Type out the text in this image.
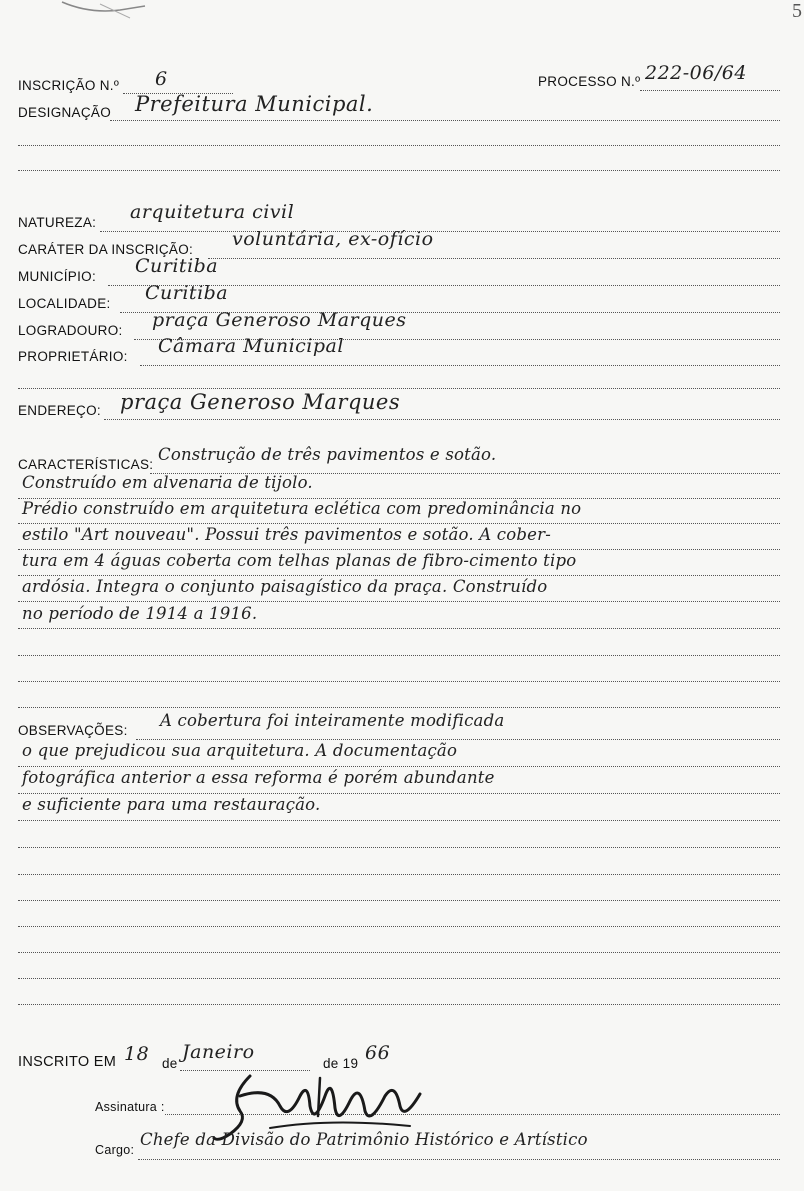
5
INSCRIÇÃO N.º 6	PROCESSO N.º 222-06/64
DESIGNAÇÃO Prefeitura Municipal.
NATUREZA: arquitetura civil
CARÁTER DA INSCRIÇÃO: voluntária, ex-ofício
MUNICÍPIO: Curitiba
LOCALIDADE: Curitiba
LOGRADOURO: praça Generoso Marques
PROPRIETÁRIO: Câmara Municipal
ENDEREÇO: praça Generoso Marques
CARACTERÍSTICAS:
Construção de três pavimentos e sotão.
Construído em alvenaria de tijolo.
Prédio construído em arquitetura eclética com predominância no
estilo "Art nouveau". Possui três pavimentos e sotão. A cober-
tura em 4 águas coberta com telhas planas de fibro-cimento tipo
ardósia. Integra o conjunto paisagístico da praça. Construído
no período de 1914 a 1916.
OBSERVAÇÕES:
A cobertura foi inteiramente modificada
o que prejudicou sua arquitetura. A documentação
fotográfica anterior a essa reforma é porém abundante
e suficiente para uma restauração.
INSCRITO EM 18 de
Janeiro
de 19 66
Assinatura :
Cargo:
Chefe da Divisão do Patrimônio Histórico e Artístico
